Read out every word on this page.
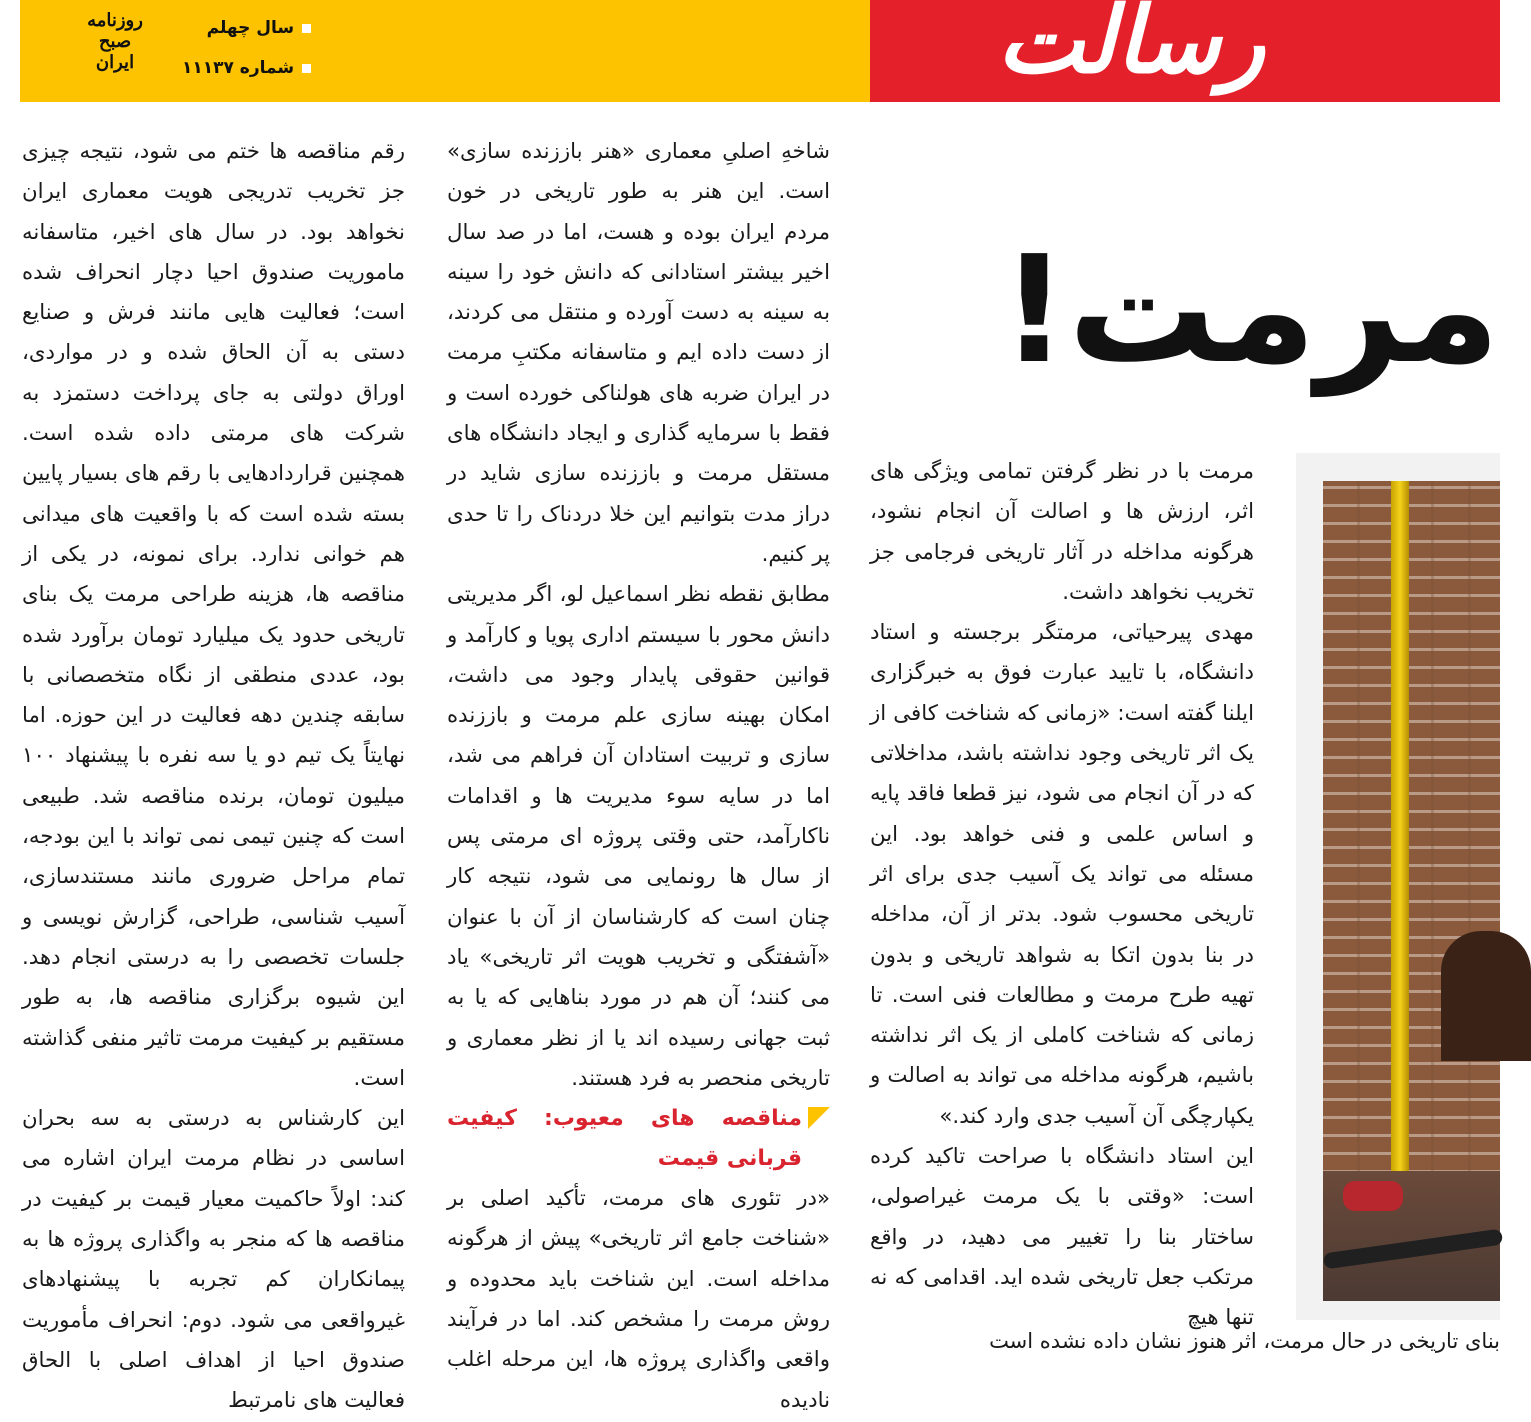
روزنامه
صبح
ایران
سال چهلم
شماره ۱۱۱۳۷	رسالت
مرمت!
بنای تاریخی در حال مرمت، اثر هنوز نشان داده نشده است

مرمت با در نظر گرفتن تمامی ویژگی های اثر، ارزش ها و اصالت آن انجام نشود، هرگونه مداخله در آثار تاریخی فرجامی جز تخریب نخواهد داشت.

مهدی پیرحیاتی، مرمتگر برجسته و استاد دانشگاه، با تایید عبارت فوق به خبرگزاری ایلنا گفته است: «زمانی که شناخت کافی از یک اثر تاریخی وجود نداشته باشد، مداخلاتی که در آن انجام می شود، نیز قطعا فاقد پایه و اساس علمی و فنی خواهد بود. این مسئله می تواند یک آسیب جدی برای اثر تاریخی محسوب شود. بدتر از آن، مداخله در بنا بدون اتکا به شواهد تاریخی و بدون تهیه طرح مرمت و مطالعات فنی است. تا زمانی که شناخت کاملی از یک اثر نداشته باشیم، هرگونه مداخله می تواند به اصالت و یکپارچگی آن آسیب جدی وارد کند.»

این استاد دانشگاه با صراحت تاکید کرده است: «وقتی با یک مرمت غیراصولی، ساختار بنا را تغییر می دهید، در واقع مرتکب جعل تاریخی شده اید. اقدامی که نه تنها هیچ

شاخهِ اصلیِ معماری «هنر باززنده سازی» است. این هنر به طور تاریخی در خون مردم ایران بوده و هست، اما در صد سال اخیر بیشتر استادانی که دانش خود را سینه به سینه به دست آورده و منتقل می کردند، از دست داده ایم و متاسفانه مکتبِ مرمت در ایران ضربه های هولناکی خورده است و فقط با سرمایه گذاری و ایجاد دانشگاه های مستقل مرمت و باززنده سازی شاید در دراز مدت بتوانیم این خلا دردناک را تا حدی پر کنیم.

مطابق نقطه نظر اسماعیل لو، اگر مدیریتی دانش محور با سیستم اداری پویا و کارآمد و قوانین حقوقی پایدار وجود می داشت، امکان بهینه سازی علم مرمت و باززنده سازی و تربیت استادان آن فراهم می شد، اما در سایه سوء مدیریت ها و اقدامات ناکارآمد، حتی وقتی پروژه ای مرمتی پس از سال ها رونمایی می شود، نتیجه کار چنان است که کارشناسان از آن با عنوان «آشفتگی و تخریب هویت اثر تاریخی» یاد می کنند؛ آن هم در مورد بناهایی که یا به ثبت جهانی رسیده اند یا از نظر معماری و تاریخی منحصر به فرد هستند.

مناقصه های معیوب: کیفیت قربانی قیمت

«در تئوری های مرمت، تأکید اصلی بر «شناخت جامع اثر تاریخی» پیش از هرگونه مداخله است. این شناخت باید محدوده و روش مرمت را مشخص کند. اما در فرآیند واقعی واگذاری پروژه ها، این مرحله اغلب نادیده

رقم مناقصه ها ختم می شود، نتیجه چیزی جز تخریب تدریجی هویت معماری ایران نخواهد بود. در سال های اخیر، متاسفانه ماموریت صندوق احیا دچار انحراف شده است؛ فعالیت هایی مانند فرش و صنایع دستی به آن الحاق شده و در مواردی، اوراق دولتی به جای پرداخت دستمزد به شرکت های مرمتی داده شده است. همچنین قراردادهایی با رقم های بسیار پایین بسته شده است که با واقعیت های میدانی هم خوانی ندارد. برای نمونه، در یکی از مناقصه ها، هزینه طراحی مرمت یک بنای تاریخی حدود یک میلیارد تومان برآورد شده بود، عددی منطقی از نگاه متخصصانی با سابقه چندین دهه فعالیت در این حوزه. اما نهایتاً یک تیم دو یا سه نفره با پیشنهاد ۱۰۰ میلیون تومان، برنده مناقصه شد. طبیعی است که چنین تیمی نمی تواند با این بودجه، تمام مراحل ضروری مانند مستندسازی، آسیب شناسی، طراحی، گزارش نویسی و جلسات تخصصی را به درستی انجام دهد. این شیوه برگزاری مناقصه ها، به طور مستقیم بر کیفیت مرمت تاثیر منفی گذاشته است.

این کارشناس به درستی به سه بحران اساسی در نظام مرمت ایران اشاره می کند: اولاً حاکمیت معیار قیمت بر کیفیت در مناقصه ها که منجر به واگذاری پروژه ها به پیمانکاران کم تجربه با پیشنهادهای غیرواقعی می شود. دوم: انحراف مأموریت صندوق احیا از اهداف اصلی با الحاق فعالیت های نامرتبط
